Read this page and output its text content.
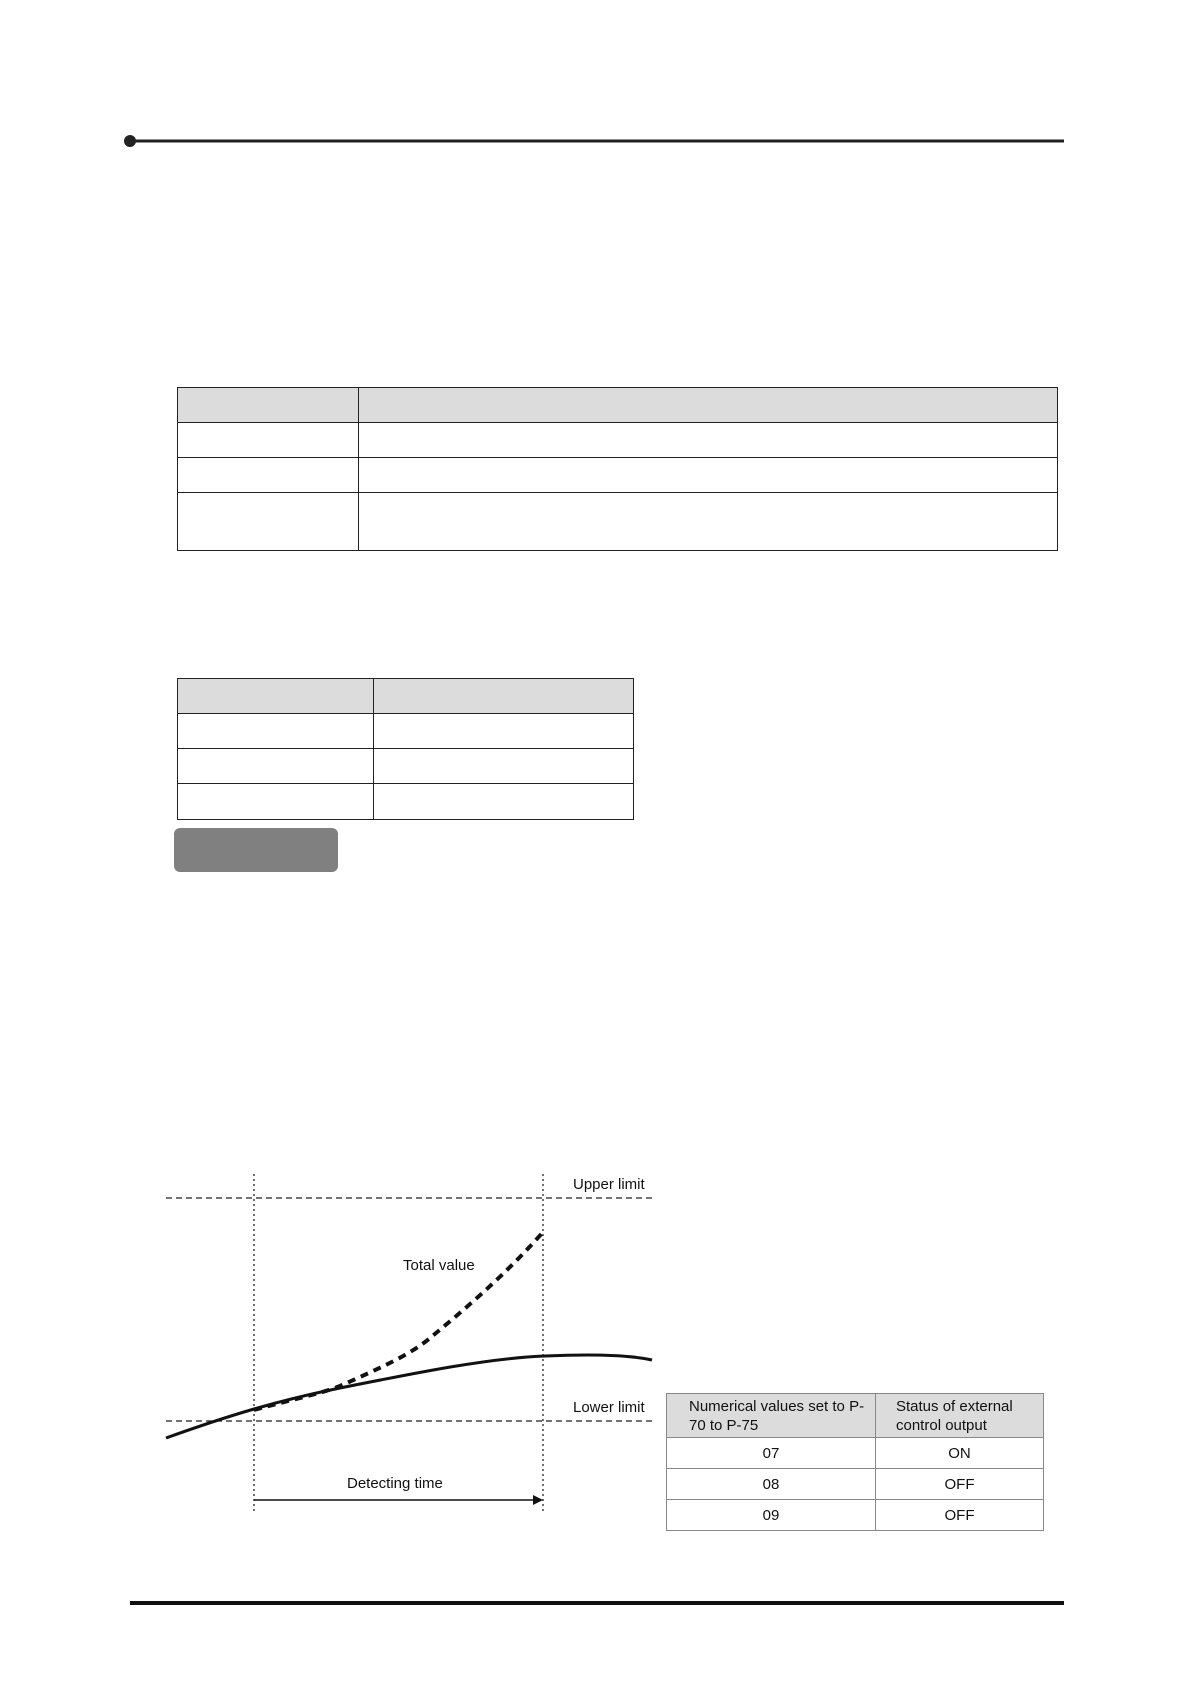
Upper limit
Total value
Lower limit
Detecting time
Numerical values set to P-70 to P-75	Status of external control output
07	ON
08	OFF
09	OFF
